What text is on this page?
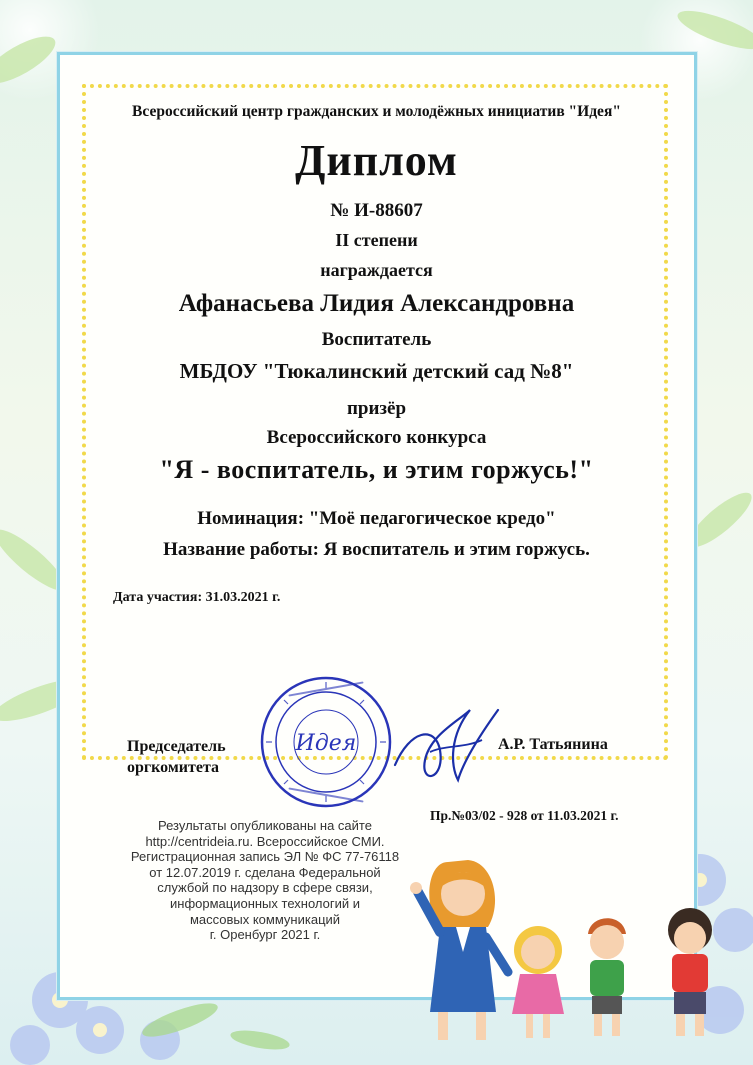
Всероссийский центр гражданских и молодёжных инициатив "Идея"
Диплом
№ И-88607
II степени
награждается
Афанасьева Лидия Александровна
Воспитатель
МБДОУ "Тюкалинский детский сад №8"
призёр
Всероссийского конкурса
"Я - воспитатель, и этим горжусь!"
Номинация: "Моё педагогическое кредо"
Название работы: Я воспитатель и этим горжусь.
Дата участия: 31.03.2021 г.
Председатель
оргкомитета
Идея	А.Р. Татьянина
Пр.№03/02 - 928 от 11.03.2021 г.
Результаты опубликованы на сайте
http://centrideia.ru. Всероссийское СМИ.
Регистрационная запись ЭЛ № ФС 77-76118
от 12.07.2019 г. сделана Федеральной
службой по надзору в сфере связи,
информационных технологий и
массовых коммуникаций
г. Оренбург 2021 г.
